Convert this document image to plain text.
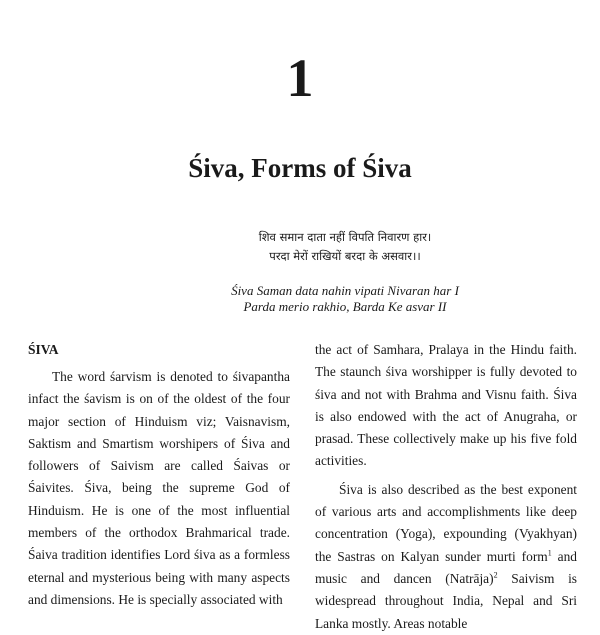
1
Śiva, Forms of Śiva
शिव समान दाता नहीं विपति निवारण हार।
परदा मेरों राखियों बरदा के असवार।।
Śiva Saman data nahin vipati Nivaran har I
Parda merio rakhio, Barda Ke asvar II
ŚIVA

The word śarvism is denoted to śivapantha infact the śavism is on of the oldest of the four major section of Hinduism viz; Vaisnavism, Saktism and Smartism worshipers of Śiva and followers of Saivism are called Śaivas or Śaivites. Śiva, being the supreme God of Hinduism. He is one of the most influential members of the orthodox Brahmarical trade. Śaiva tradition identifies Lord śiva as a formless eternal and mysterious being with many aspects and dimensions. He is specially associated with

the act of Samhara, Pralaya in the Hindu faith. The staunch śiva worshipper is fully devoted to śiva and not with Brahma and Visnu faith. Śiva is also endowed with the act of Anugraha, or prasad. These collectively make up his five fold activities.

Śiva is also described as the best exponent of various arts and accomplishments like deep concentration (Yoga), expounding (Vyakhyan) the Sastras on Kalyan sunder murti form$^1$ and music and dancen (Natrāja)$^2$ Saivism is widespread throughout India, Nepal and Sri Lanka mostly. Areas notable
